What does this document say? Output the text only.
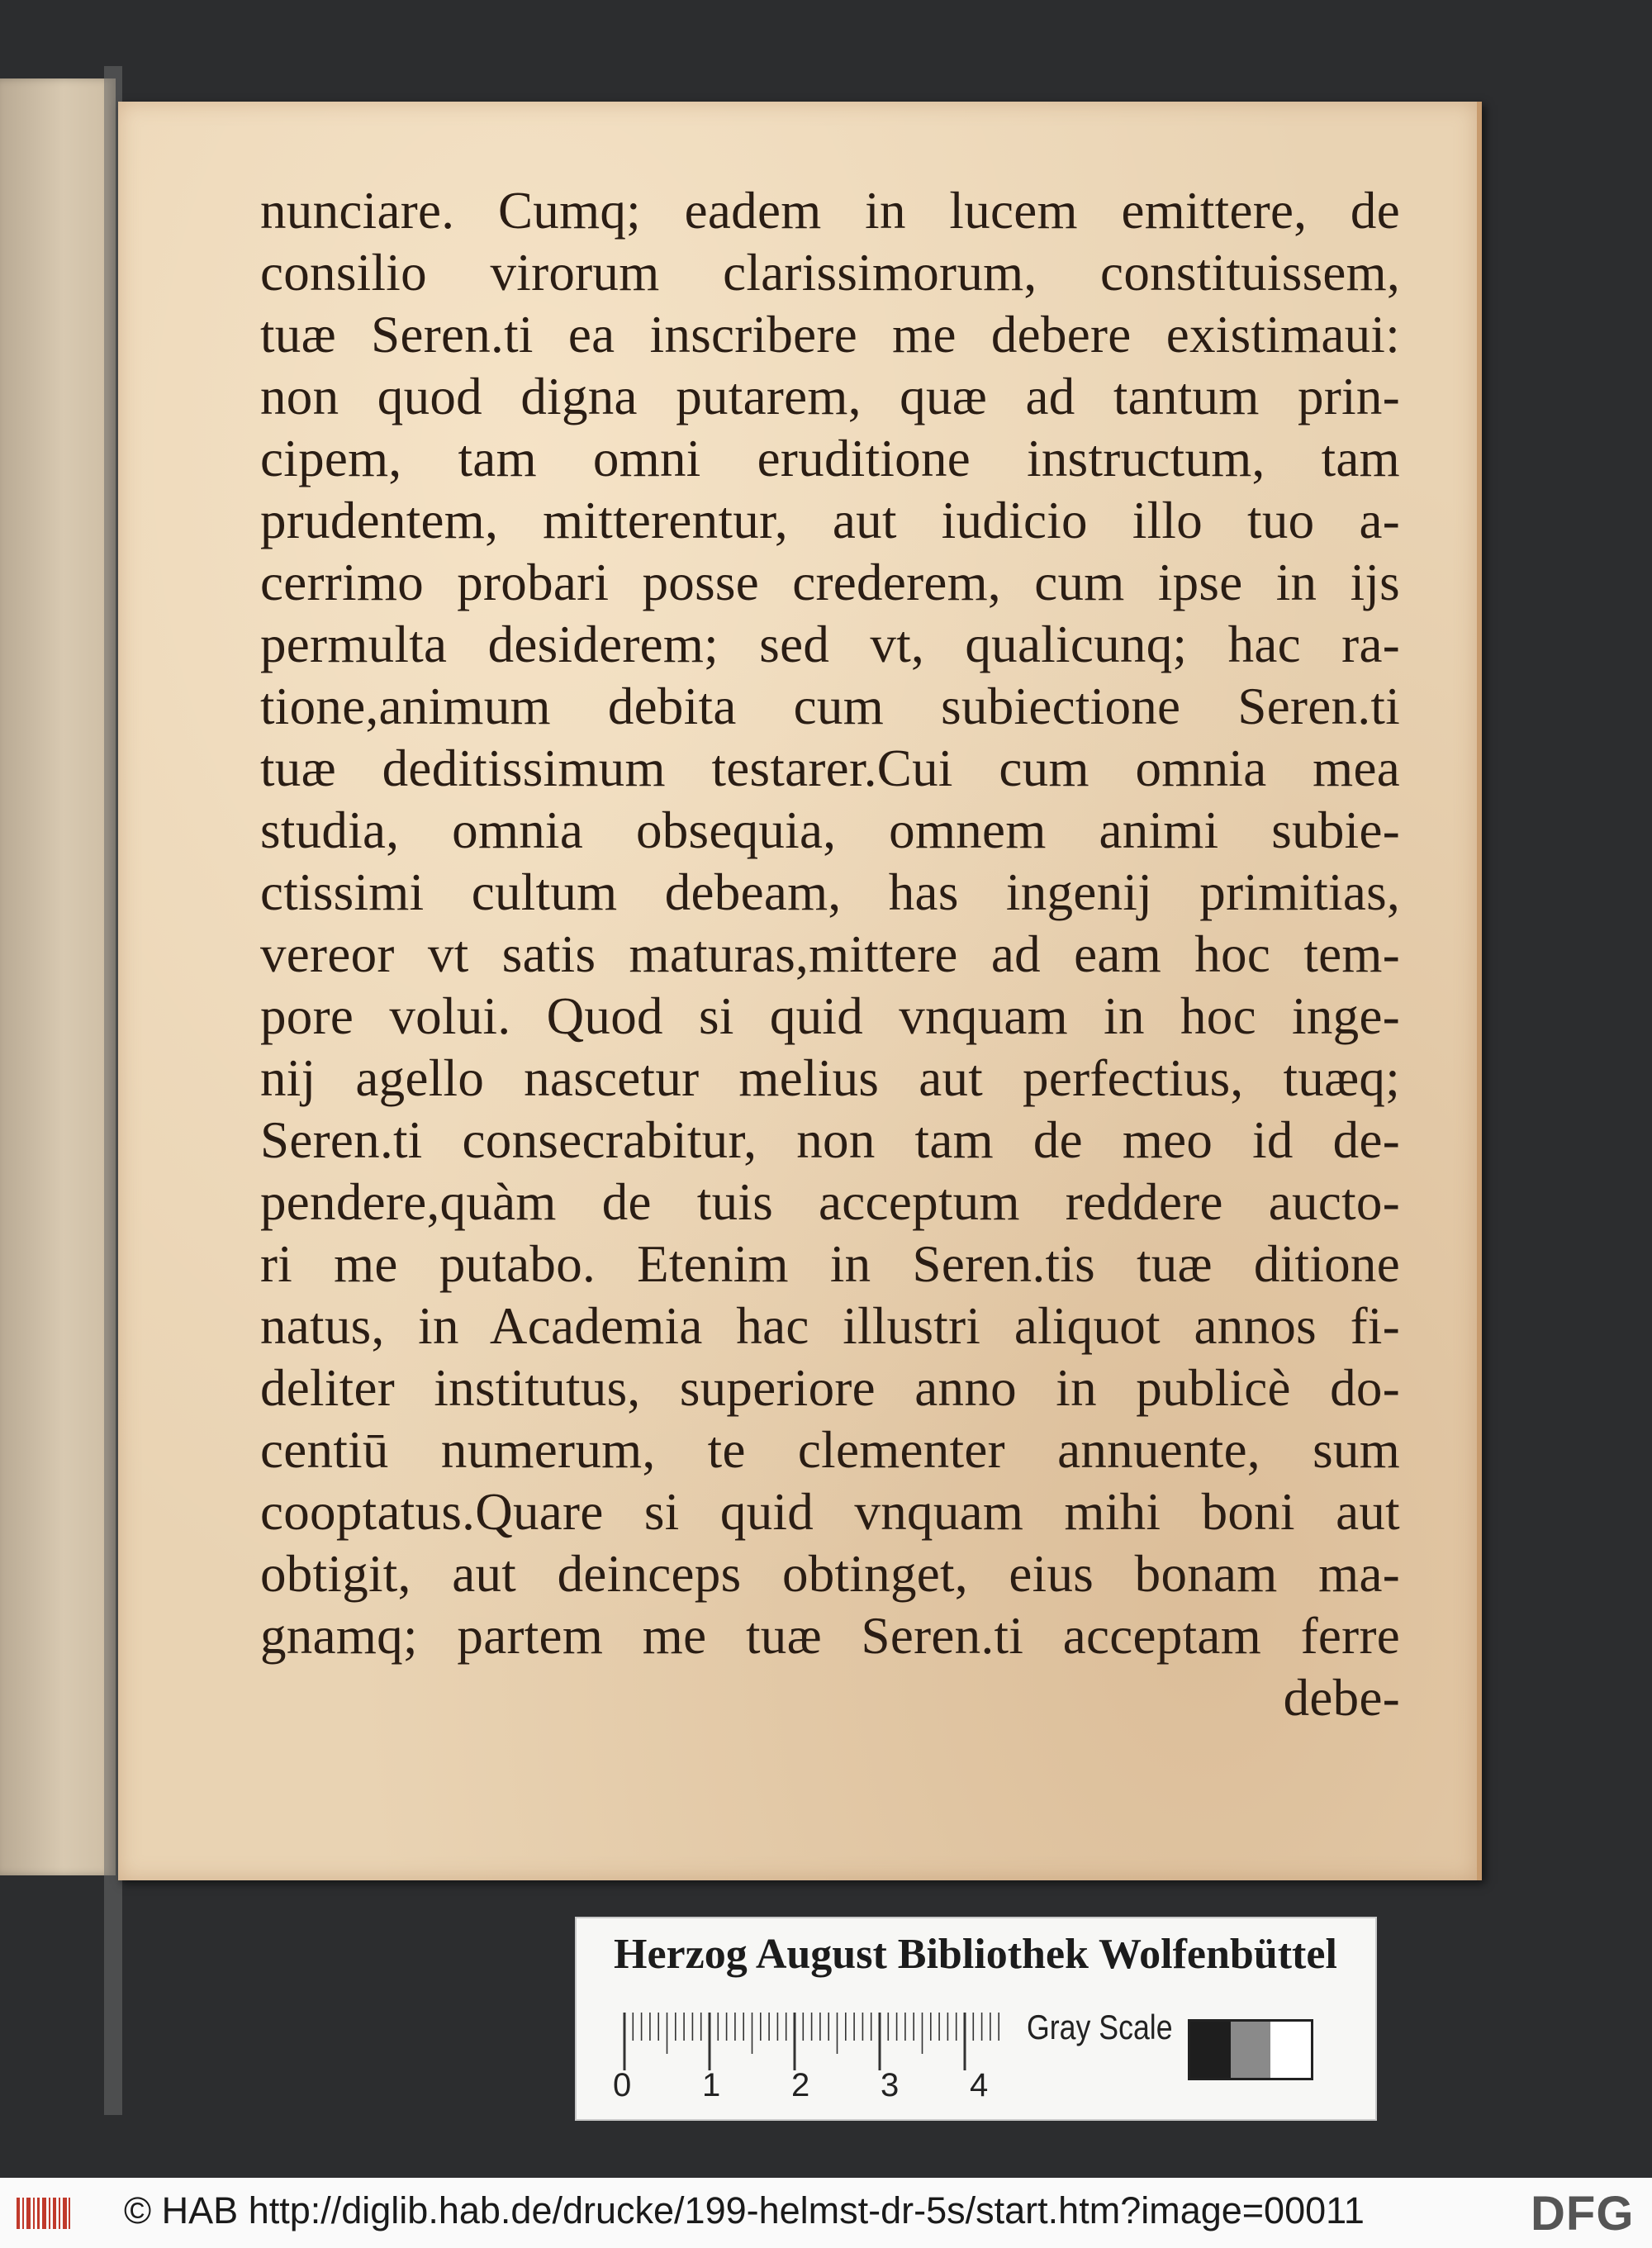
nunciare. Cumq; eadem in lucem emittere, de
consilio virorum clarissimorum, constituissem,
tuæ Seren.ti ea inscribere me debere existimaui:
non quod digna putarem, quæ ad tantum prin-
cipem, tam omni eruditione instructum, tam
prudentem, mitterentur, aut iudicio illo tuo a-
cerrimo probari posse crederem, cum ipse in ijs
permulta desiderem; sed vt, qualicunq; hac ra-
tione,animum debita cum subiectione Seren.ti
tuæ deditissimum testarer.Cui cum omnia mea
studia, omnia obsequia, omnem animi subie-
ctissimi cultum debeam, has ingenij primitias,
vereor vt satis maturas,mittere ad eam hoc tem-
pore volui. Quod si quid vnquam in hoc inge-
nij agello nascetur melius aut perfectius, tuæq;
Seren.ti consecrabitur, non tam de meo id de-
pendere,quàm de tuis acceptum reddere aucto-
ri me putabo. Etenim in Seren.tis tuæ ditione
natus, in Academia hac illustri aliquot annos fi-
deliter institutus, superiore anno in publicè do-
centiū numerum, te clementer annuente, sum
cooptatus.Quare si quid vnquam mihi boni aut
obtigit, aut deinceps obtinget, eius bonam ma-
gnamq; partem me tuæ Seren.ti acceptam ferre
debe-
Herzog August Bibliothek Wolfenbüttel
0 1 2 3 4
Gray Scale
© HAB http://diglib.hab.de/drucke/199-helmst-dr-5s/start.htm?image=00011	DFG
